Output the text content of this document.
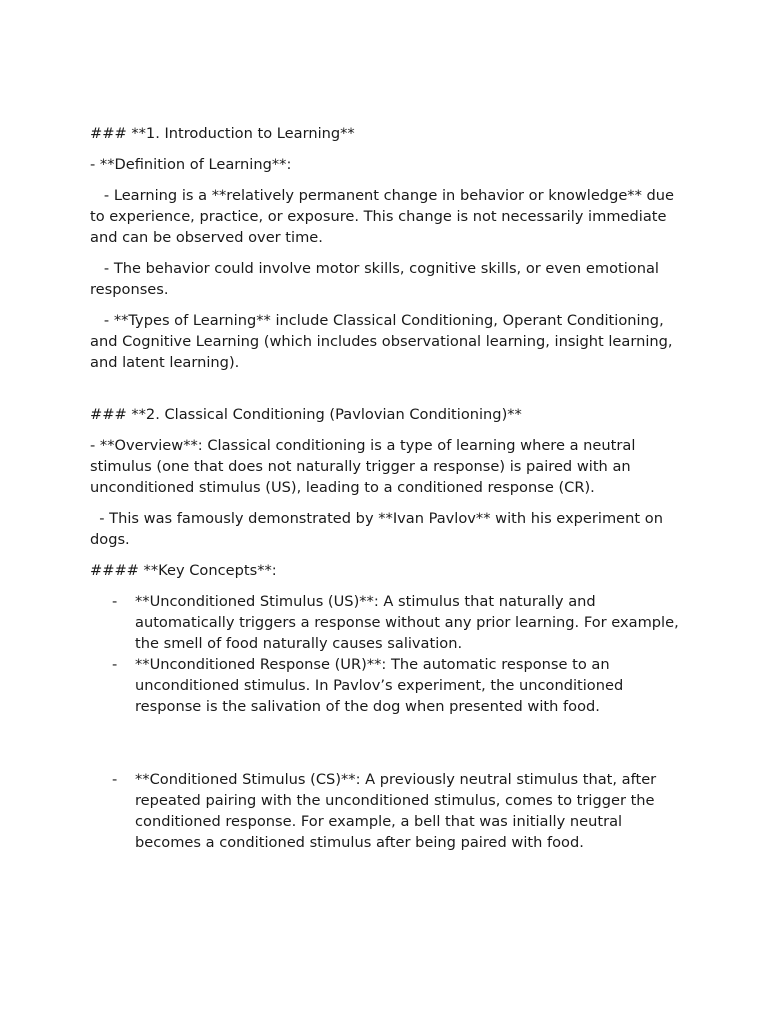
### **1. Introduction to Learning**

- **Definition of Learning**:

- Learning is a **relatively permanent change in behavior or knowledge** due to experience, practice, or exposure. This change is not necessarily immediate and can be observed over time.

- The behavior could involve motor skills, cognitive skills, or even emotional responses.

- **Types of Learning** include Classical Conditioning, Operant Conditioning, and Cognitive Learning (which includes observational learning, insight learning, and latent learning).

### **2. Classical Conditioning (Pavlovian Conditioning)**

- **Overview**: Classical conditioning is a type of learning where a neutral stimulus (one that does not naturally trigger a response) is paired with an unconditioned stimulus (US), leading to a conditioned response (CR).

- This was famously demonstrated by **Ivan Pavlov** with his experiment on dogs.

#### **Key Concepts**:

- **Unconditioned Stimulus (US)**: A stimulus that naturally and automatically triggers a response without any prior learning. For example, the smell of food naturally causes salivation.
- **Unconditioned Response (UR)**: The automatic response to an unconditioned stimulus. In Pavlov’s experiment, the unconditioned response is the salivation of the dog when presented with food.
- **Conditioned Stimulus (CS)**: A previously neutral stimulus that, after repeated pairing with the unconditioned stimulus, comes to trigger the conditioned response. For example, a bell that was initially neutral becomes a conditioned stimulus after being paired with food.
